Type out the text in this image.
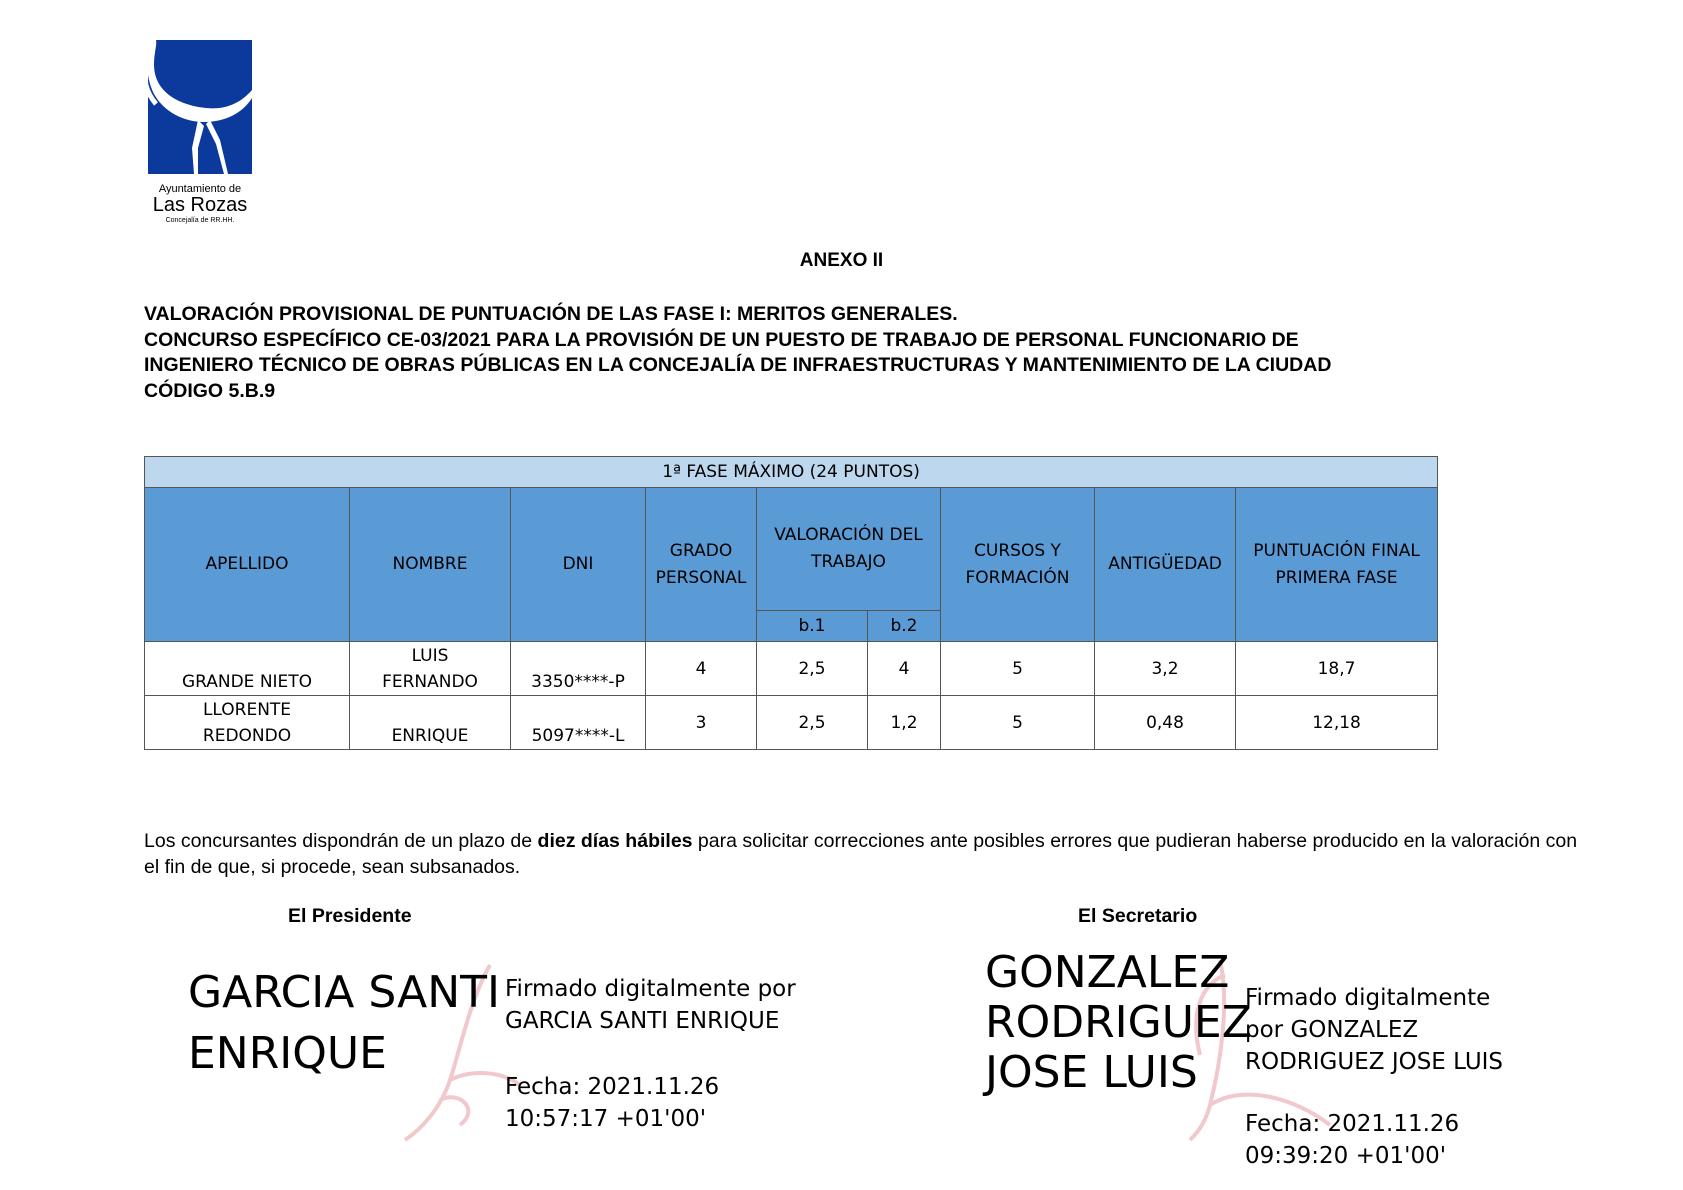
Ayuntamiento de
Las Rozas
Concejalía de RR.HH.
ANEXO II
VALORACIÓN PROVISIONAL DE PUNTUACIÓN DE LAS FASE I: MERITOS GENERALES.
CONCURSO ESPECÍFICO CE-03/2021 PARA LA PROVISIÓN DE UN PUESTO DE TRABAJO DE PERSONAL FUNCIONARIO DE
INGENIERO TÉCNICO DE OBRAS PÚBLICAS EN LA CONCEJALÍA DE INFRAESTRUCTURAS Y MANTENIMIENTO DE LA CIUDAD
CÓDIGO 5.B.9
1ª FASE MÁXIMO (24 PUNTOS)								
APELLIDO	NOMBRE	DNI	GRADO PERSONAL	VALORACIÓN DEL TRABAJO		CURSOS Y FORMACIÓN	ANTIGÜEDAD	PUNTUACIÓN FINAL PRIMERA FASE
				b.1	b.2			
GRANDE NIETO	LUIS FERNANDO	3350****-P	4	2,5	4	5	3,2	18,7
LLORENTE REDONDO	ENRIQUE	5097****-L	3	2,5	1,2	5	0,48	12,18
Los concursantes dispondrán de un plazo de diez días hábiles para solicitar correcciones ante posibles errores que pudieran haberse producido en la valoración con el fin de que, si procede, sean subsanados.
El Presidente
GARCIA SANTI
ENRIQUE
Firmado digitalmente por
GARCIA SANTI ENRIQUE
Fecha: 2021.11.26
10:57:17 +01'00'
El Secretario
GONZALEZ
RODRIGUEZ
JOSE LUIS
Firmado digitalmente
por GONZALEZ
RODRIGUEZ JOSE LUIS
Fecha: 2021.11.26
09:39:20 +01'00'
